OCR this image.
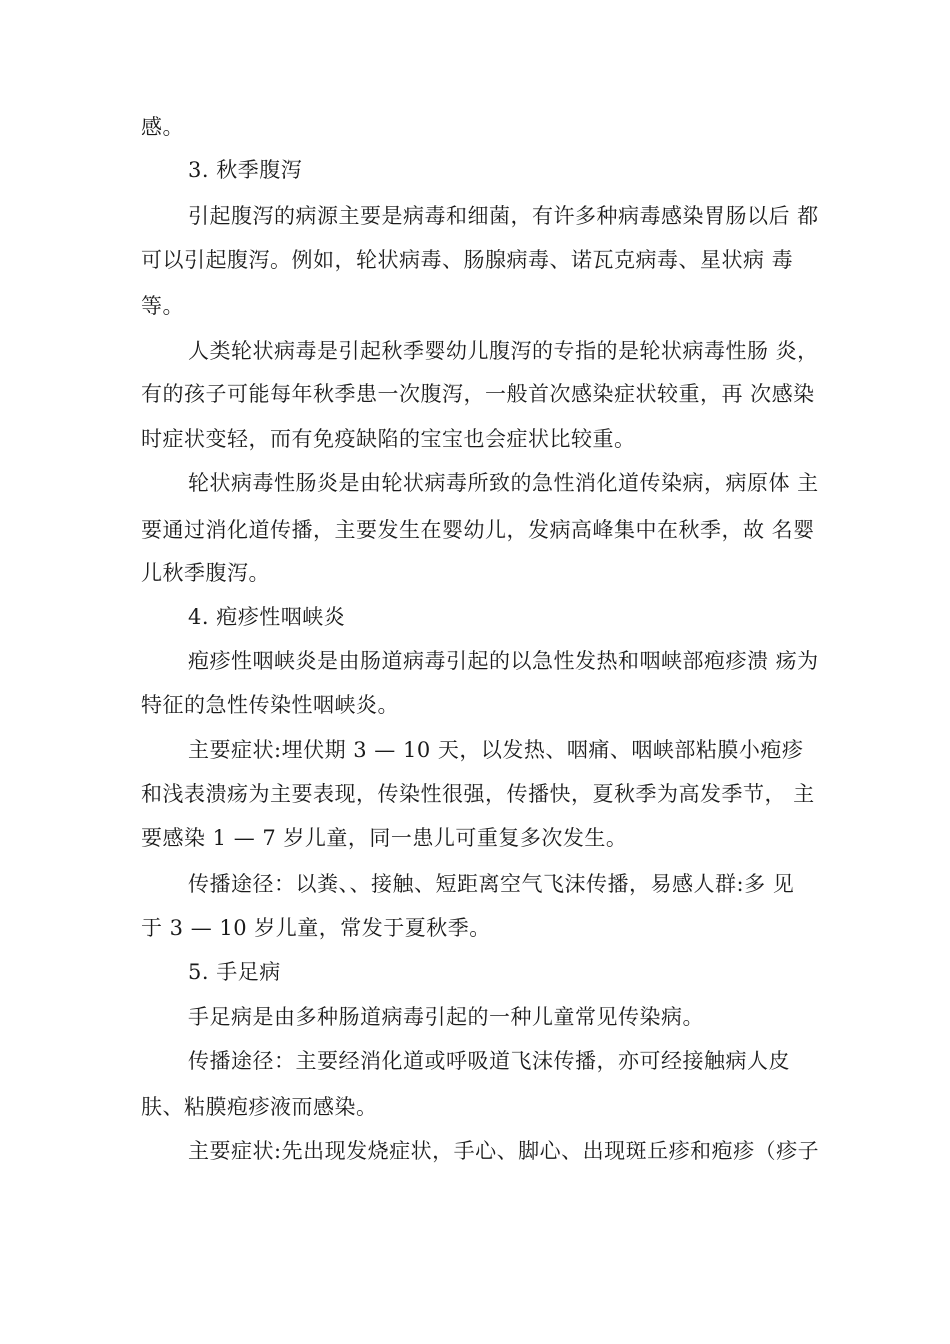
感。
3. 秋季腹泻
引起腹泻的病源主要是病毒和细菌，有许多种病毒感染胃肠以后 都
可以引起腹泻。例如，轮状病毒、肠腺病毒、诺瓦克病毒、星状病 毒
等。
人类轮状病毒是引起秋季婴幼儿腹泻的专指的是轮状病毒性肠 炎，
有的孩子可能每年秋季患一次腹泻，一般首次感染症状较重，再 次感染
时症状变轻，而有免疫缺陷的宝宝也会症状比较重。
轮状病毒性肠炎是由轮状病毒所致的急性消化道传染病，病原体 主
要通过消化道传播，主要发生在婴幼儿，发病高峰集中在秋季，故 名婴
儿秋季腹泻。
4. 疱疹性咽峡炎
疱疹性咽峡炎是由肠道病毒引起的以急性发热和咽峡部疱疹溃 疡为
特征的急性传染性咽峡炎。
主要症状:埋伏期 3 — 10 天，以发热、咽痛、咽峡部粘膜小疱疹
和浅表溃疡为主要表现，传染性很强，传播快，夏秋季为高发季节， 主
要感染 1 — 7 岁儿童，同一患儿可重复多次发生。
传播途径：以粪、、接触、短距离空气飞沫传播，易感人群:多 见
于 3 — 10 岁儿童，常发于夏秋季。
5. 手足病
手足病是由多种肠道病毒引起的一种儿童常见传染病。
传播途径：主要经消化道或呼吸道飞沫传播，亦可经接触病人皮
肤、粘膜疱疹液而感染。
主要症状:先出现发烧症状，手心、脚心、出现斑丘疹和疱疹（疹子
